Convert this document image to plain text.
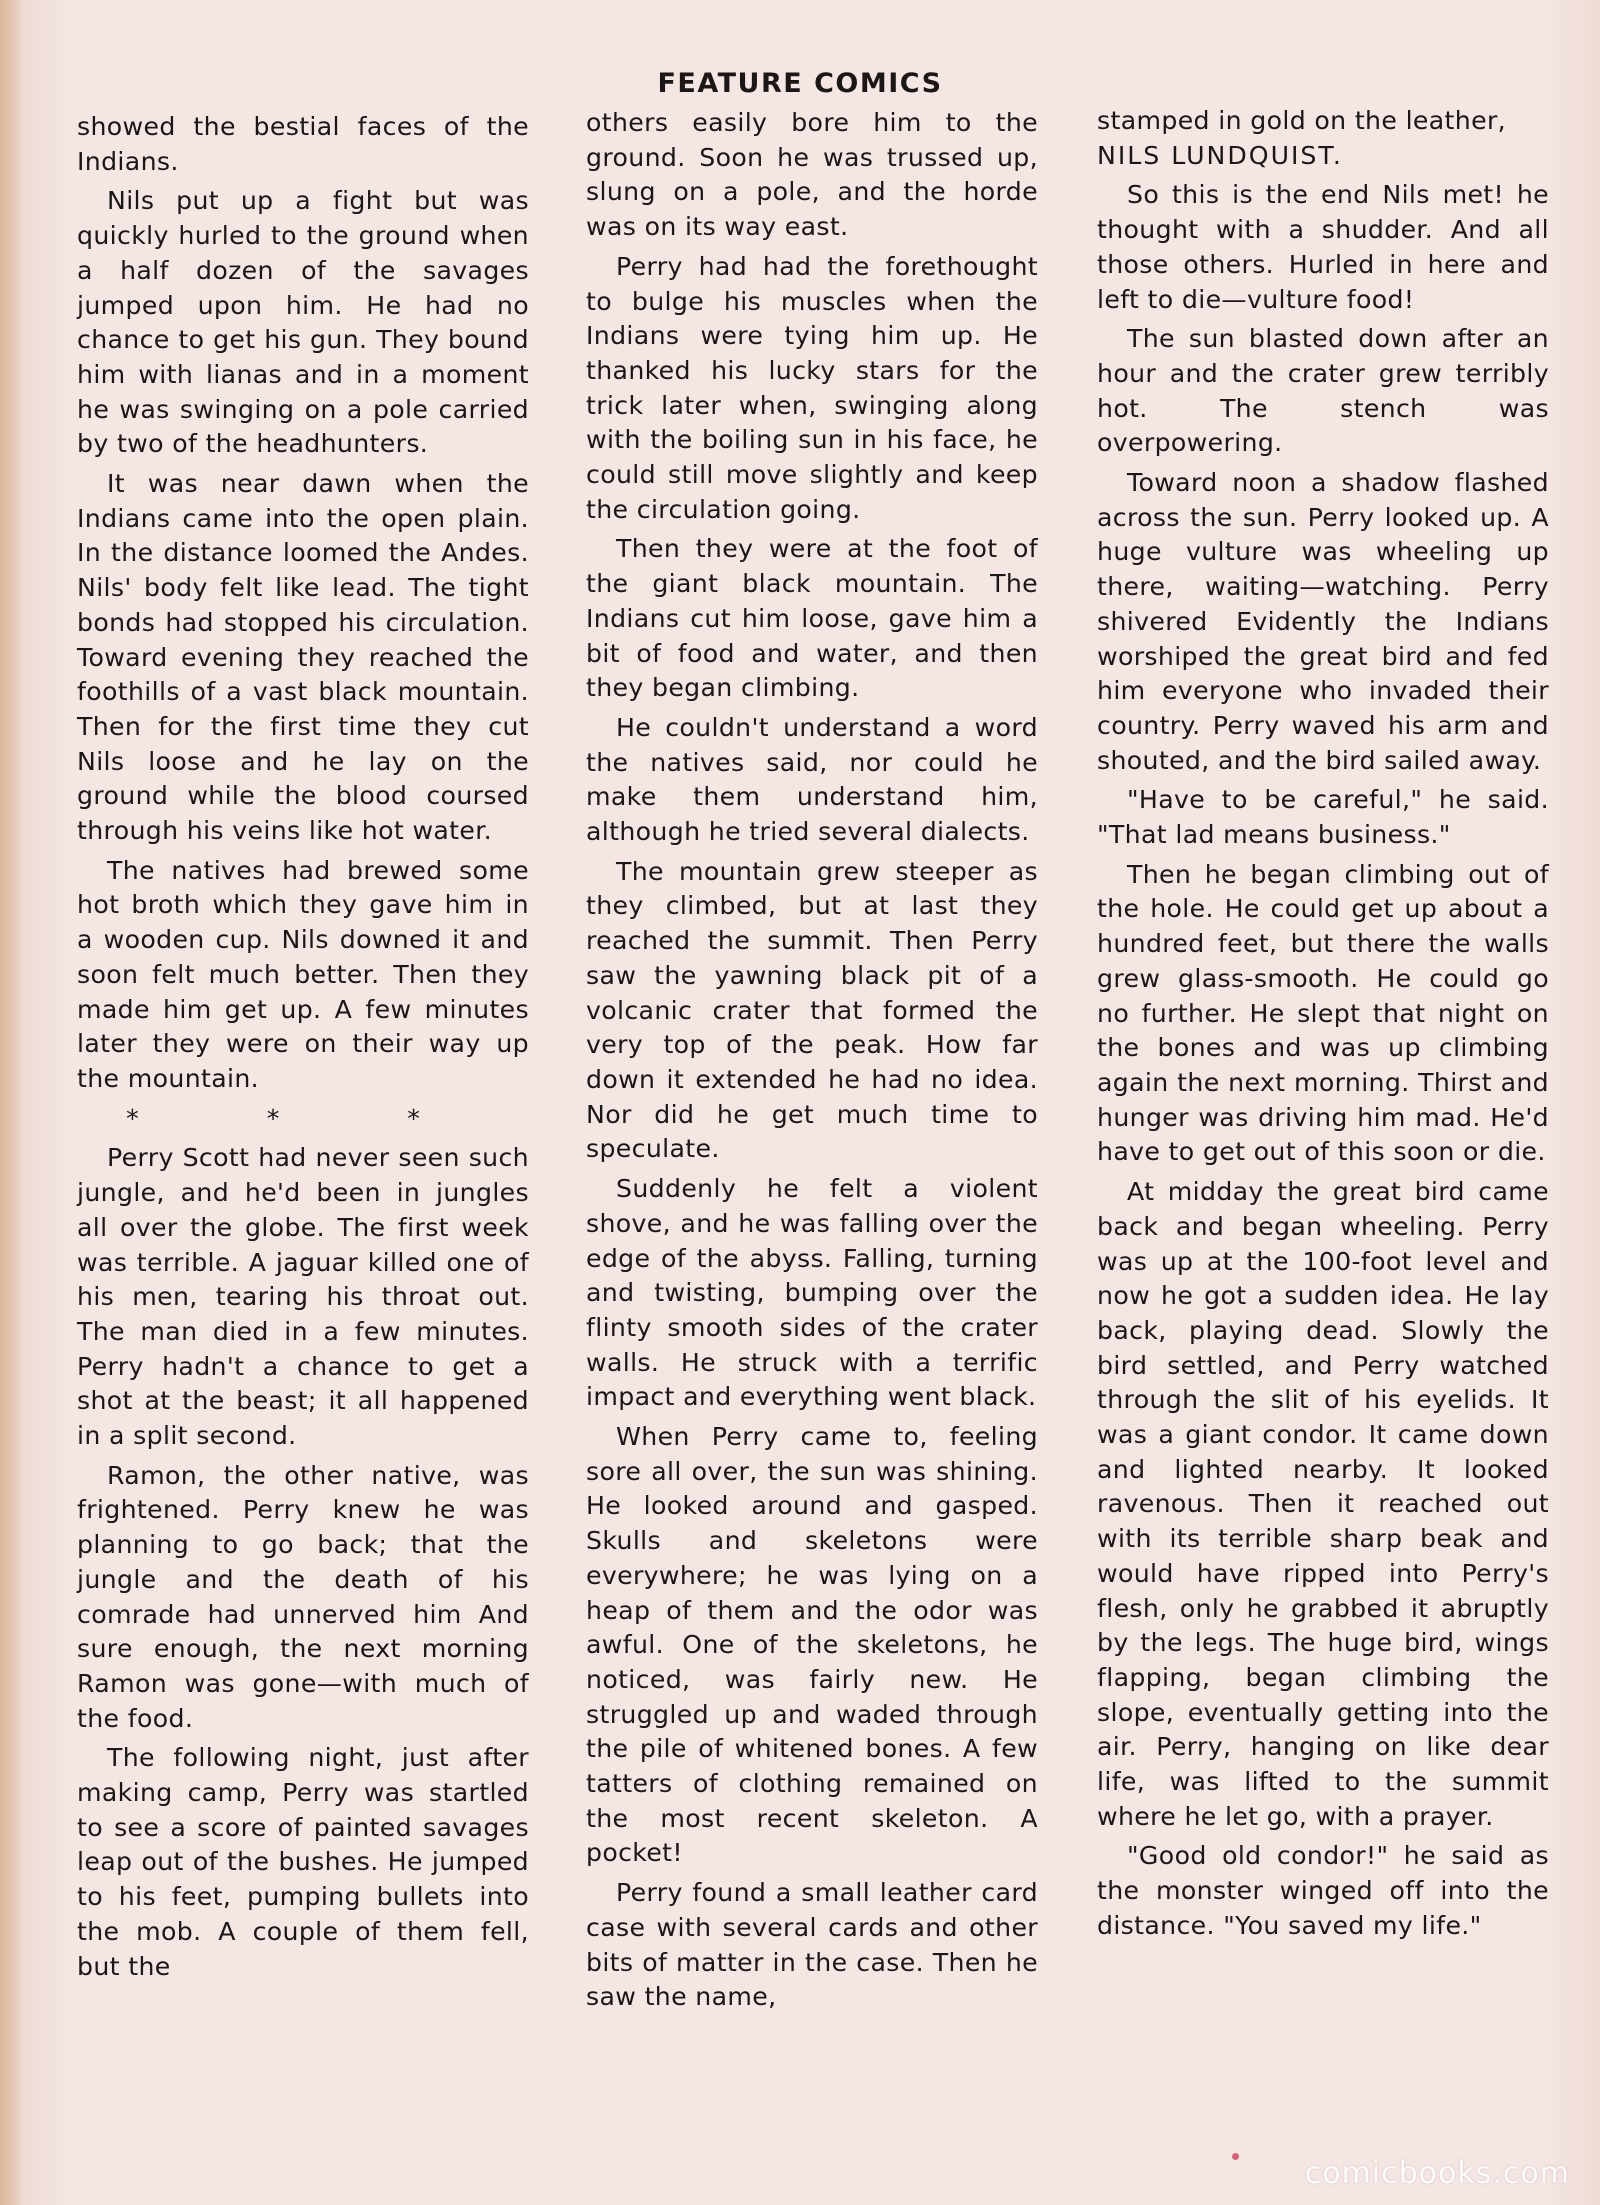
FEATURE COMICS

showed the bestial faces of the Indians.

Nils put up a fight but was quickly hurled to the ground when a half dozen of the savages jumped upon him. He had no chance to get his gun. They bound him with lianas and in a moment he was swinging on a pole carried by two of the headhunters.

It was near dawn when the Indians came into the open plain. In the distance loomed the Andes. Nils' body felt like lead. The tight bonds had stopped his circulation. Toward evening they reached the foothills of a vast black mountain. Then for the first time they cut Nils loose and he lay on the ground while the blood coursed through his veins like hot water.

The natives had brewed some hot broth which they gave him in a wooden cup. Nils downed it and soon felt much better. Then they made him get up. A few minutes later they were on their way up the mountain.

* * *

Perry Scott had never seen such jungle, and he'd been in jungles all over the globe. The first week was terrible. A jaguar killed one of his men, tearing his throat out. The man died in a few minutes. Perry hadn't a chance to get a shot at the beast; it all happened in a split second.

Ramon, the other native, was frightened. Perry knew he was planning to go back; that the jungle and the death of his comrade had unnerved him And sure enough, the next morning Ramon was gone—with much of the food.

The following night, just after making camp, Perry was startled to see a score of painted savages leap out of the bushes. He jumped to his feet, pumping bullets into the mob. A couple of them fell, but the

others easily bore him to the ground. Soon he was trussed up, slung on a pole, and the horde was on its way east.

Perry had had the forethought to bulge his muscles when the Indians were tying him up. He thanked his lucky stars for the trick later when, swinging along with the boiling sun in his face, he could still move slightly and keep the circulation going.

Then they were at the foot of the giant black mountain. The Indians cut him loose, gave him a bit of food and water, and then they began climbing.

He couldn't understand a word the natives said, nor could he make them understand him, although he tried several dialects.

The mountain grew steeper as they climbed, but at last they reached the summit. Then Perry saw the yawning black pit of a volcanic crater that formed the very top of the peak. How far down it extended he had no idea. Nor did he get much time to speculate.

Suddenly he felt a violent shove, and he was falling over the edge of the abyss. Falling, turning and twisting, bumping over the flinty smooth sides of the crater walls. He struck with a terrific impact and everything went black.

When Perry came to, feeling sore all over, the sun was shining. He looked around and gasped. Skulls and skeletons were everywhere; he was lying on a heap of them and the odor was awful. One of the skeletons, he noticed, was fairly new. He struggled up and waded through the pile of whitened bones. A few tatters of clothing remained on the most recent skeleton. A pocket!

Perry found a small leather card case with several cards and other bits of matter in the case. Then he saw the name,

stamped in gold on the leather,

NILS LUNDQUIST.

So this is the end Nils met! he thought with a shudder. And all those others. Hurled in here and left to die—vulture food!

The sun blasted down after an hour and the crater grew terribly hot. The stench was overpowering.

Toward noon a shadow flashed across the sun. Perry looked up. A huge vulture was wheeling up there, waiting—watching. Perry shivered Evidently the Indians worshiped the great bird and fed him everyone who invaded their country. Perry waved his arm and shouted, and the bird sailed away.

"Have to be careful," he said. "That lad means business."

Then he began climbing out of the hole. He could get up about a hundred feet, but there the walls grew glass-smooth. He could go no further. He slept that night on the bones and was up climbing again the next morning. Thirst and hunger was driving him mad. He'd have to get out of this soon or die.

At midday the great bird came back and began wheeling. Perry was up at the 100-foot level and now he got a sudden idea. He lay back, playing dead. Slowly the bird settled, and Perry watched through the slit of his eyelids. It was a giant condor. It came down and lighted nearby. It looked ravenous. Then it reached out with its terrible sharp beak and would have ripped into Perry's flesh, only he grabbed it abruptly by the legs. The huge bird, wings flapping, began climbing the slope, eventually getting into the air. Perry, hanging on like dear life, was lifted to the summit where he let go, with a prayer.

"Good old condor!" he said as the monster winged off into the distance. "You saved my life."

comicbooks.com
